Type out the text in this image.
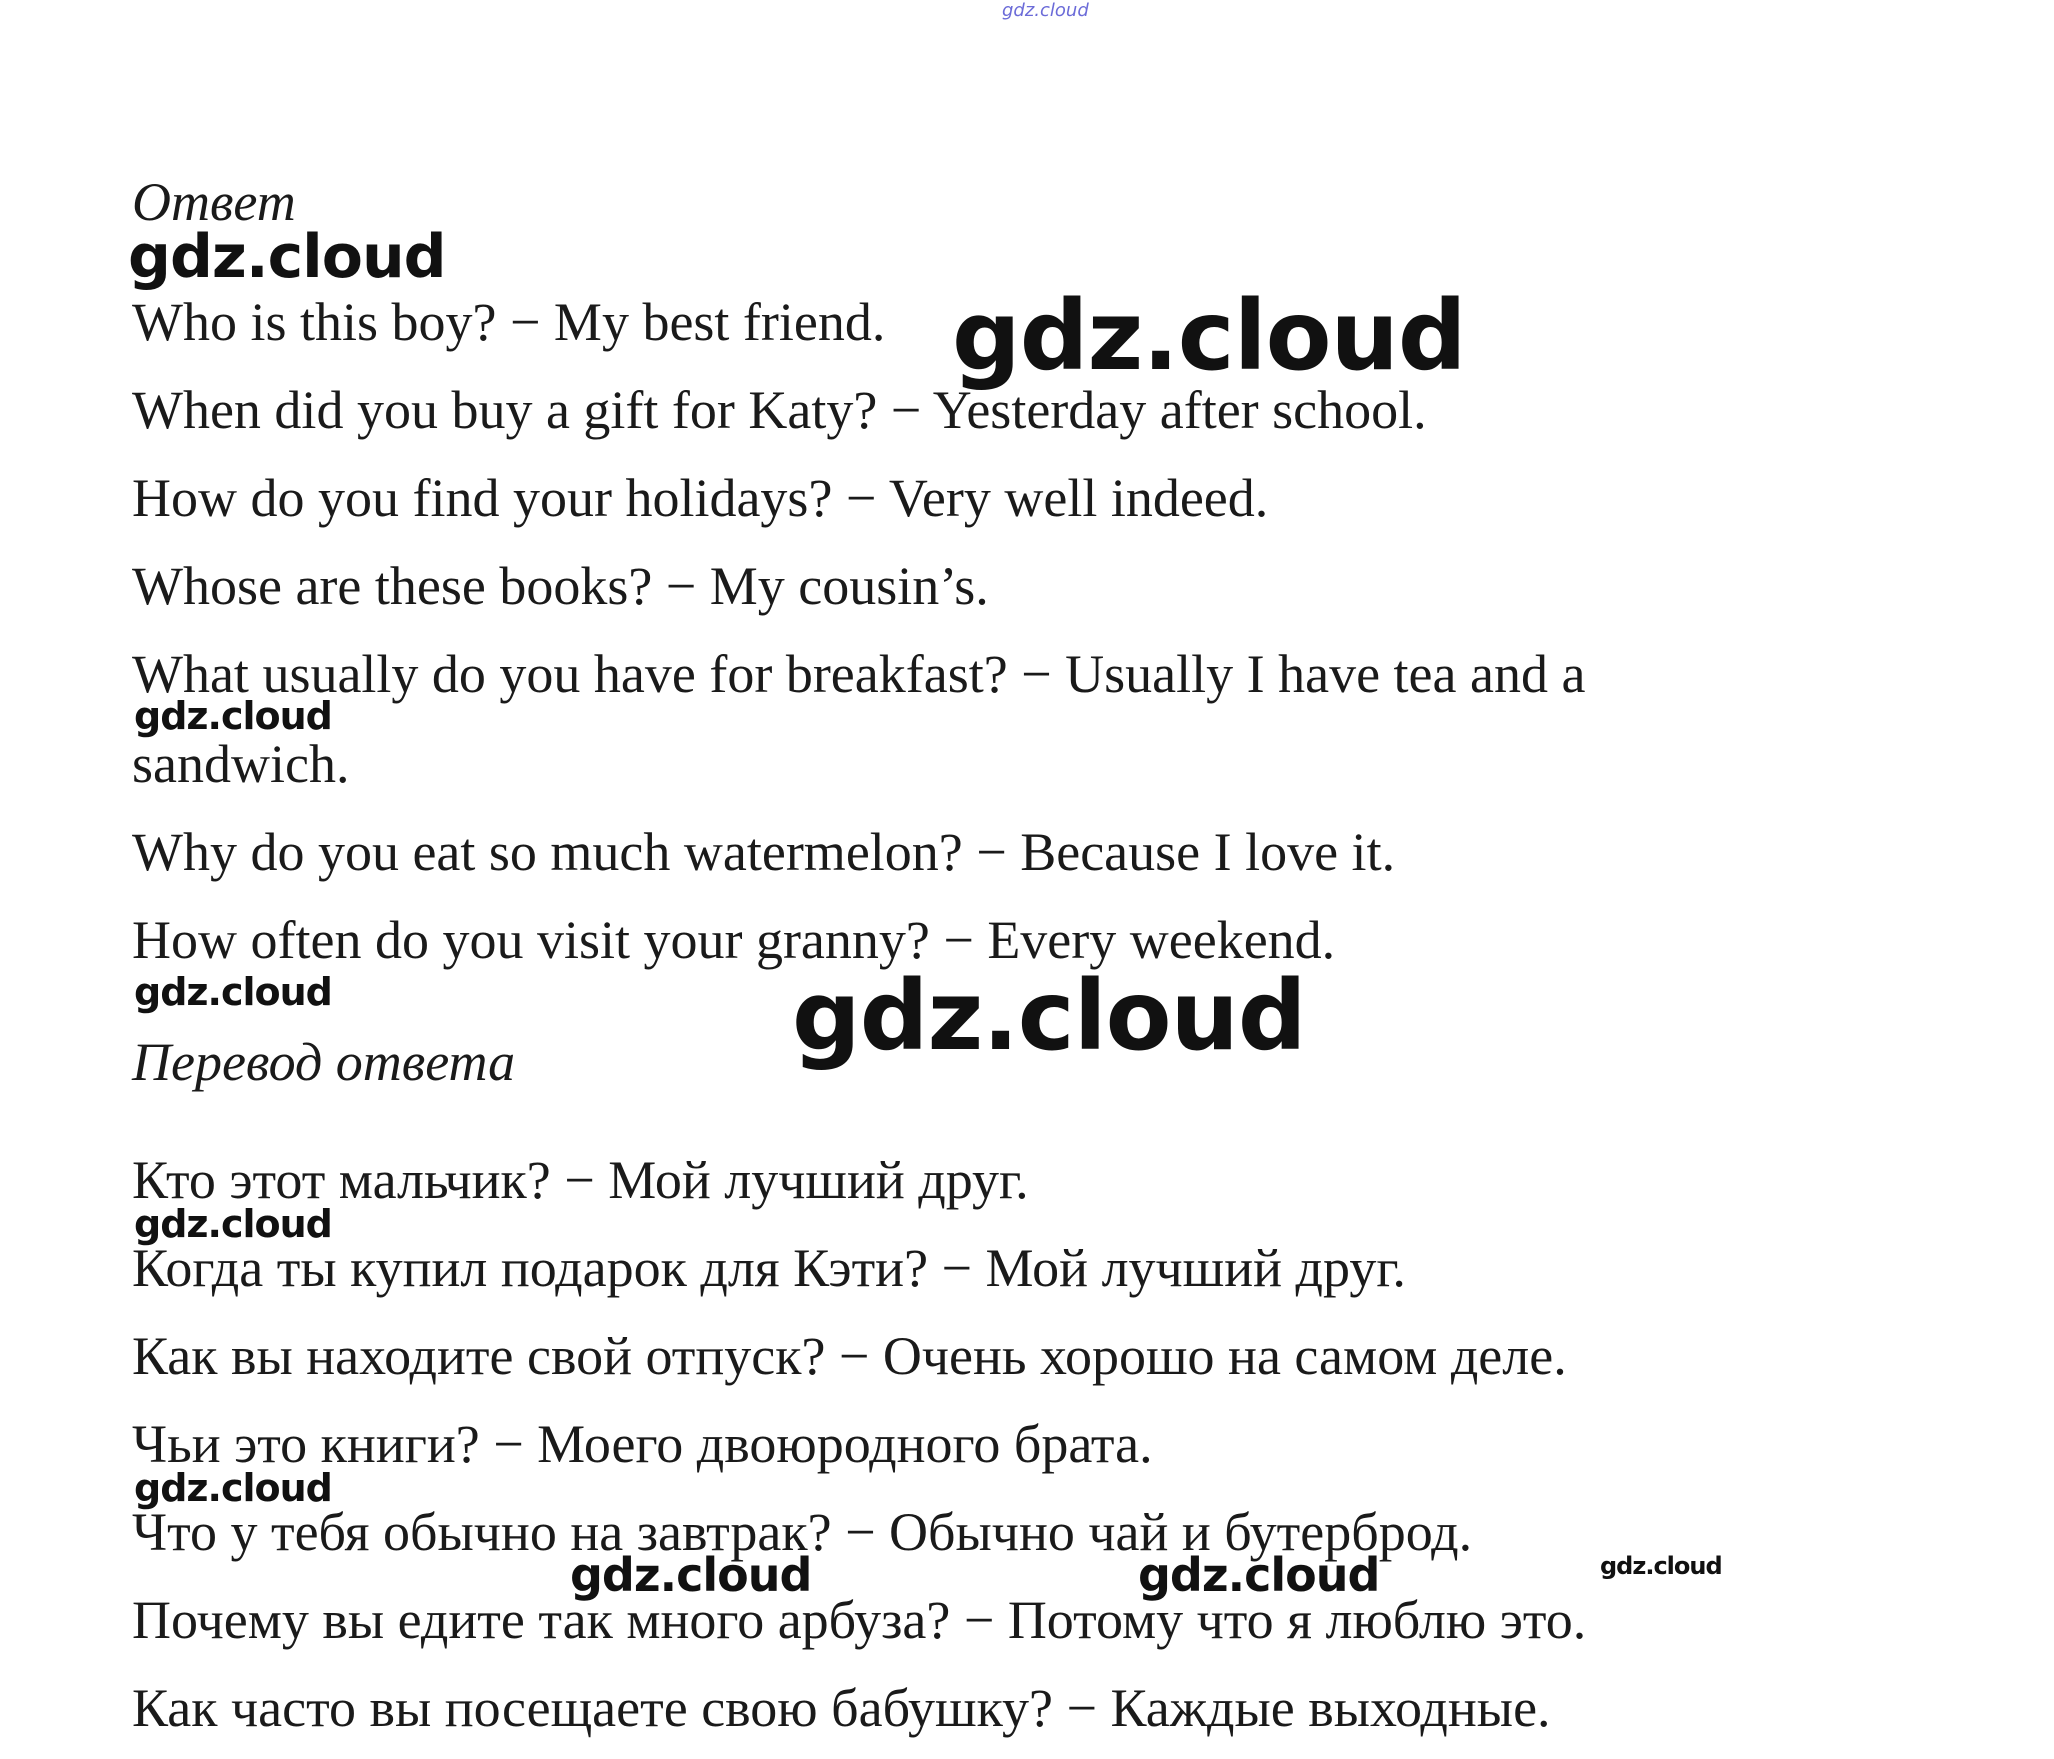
gdz.cloud
Ответ
gdz.cloud
Who is this boy? − My best friend. gdz.cloud
When did you buy a gift for Katy? − Yesterday after school.
How do you find your holidays? − Very well indeed.
Whose are these books? − My cousin’s.
What usually do you have for breakfast? − Usually I have tea and a
gdz.cloud
sandwich.
Why do you eat so much watermelon? − Because I love it.
How often do you visit your granny? − Every weekend.
gdz.cloud	gdz.cloud
Перевод ответа
Кто этот мальчик? − Мой лучший друг.
gdz.cloud
Когда ты купил подарок для Кэти? − Мой лучший друг.
Как вы находите свой отпуск? − Очень хорошо на самом деле.
Чьи это книги? − Моего двоюродного брата.
gdz.cloud
Что у тебя обычно на завтрак? − Обычно чай и бутерброд.
gdz.cloud
gdz.cloud	gdz.cloud
Почему вы едите так много арбуза? − Потому что я люблю это.
Как часто вы посещаете свою бабушку? − Каждые выходные.
